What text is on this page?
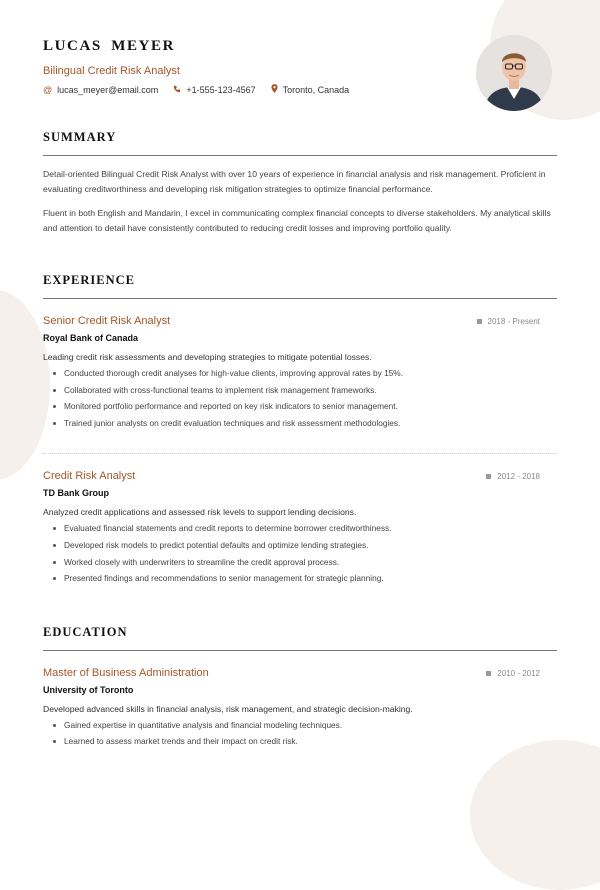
LUCAS MEYER
Bilingual Credit Risk Analyst
@ lucas_meyer@email.com	+1-555-123-4567	Toronto, Canada
SUMMARY

Detail-oriented Bilingual Credit Risk Analyst with over 10 years of experience in financial analysis and risk management. Proficient in evaluating creditworthiness and developing risk mitigation strategies to optimize financial performance.

Fluent in both English and Mandarin, I excel in communicating complex financial concepts to diverse stakeholders. My analytical skills and attention to detail have consistently contributed to reducing credit losses and improving portfolio quality.

EXPERIENCE
Senior Credit Risk Analyst	2018 - Present
Royal Bank of Canada
Leading credit risk assessments and developing strategies to mitigate potential losses.
Conducted thorough credit analyses for high-value clients, improving approval rates by 15%.
Collaborated with cross-functional teams to implement risk management frameworks.
Monitored portfolio performance and reported on key risk indicators to senior management.
Trained junior analysts on credit evaluation techniques and risk assessment methodologies.
Credit Risk Analyst	2012 - 2018
TD Bank Group
Analyzed credit applications and assessed risk levels to support lending decisions.
Evaluated financial statements and credit reports to determine borrower creditworthiness.
Developed risk models to predict potential defaults and optimize lending strategies.
Worked closely with underwriters to streamline the credit approval process.
Presented findings and recommendations to senior management for strategic planning.
EDUCATION
Master of Business Administration	2010 - 2012
University of Toronto
Developed advanced skills in financial analysis, risk management, and strategic decision-making.
Gained expertise in quantitative analysis and financial modeling techniques.
Learned to assess market trends and their impact on credit risk.
